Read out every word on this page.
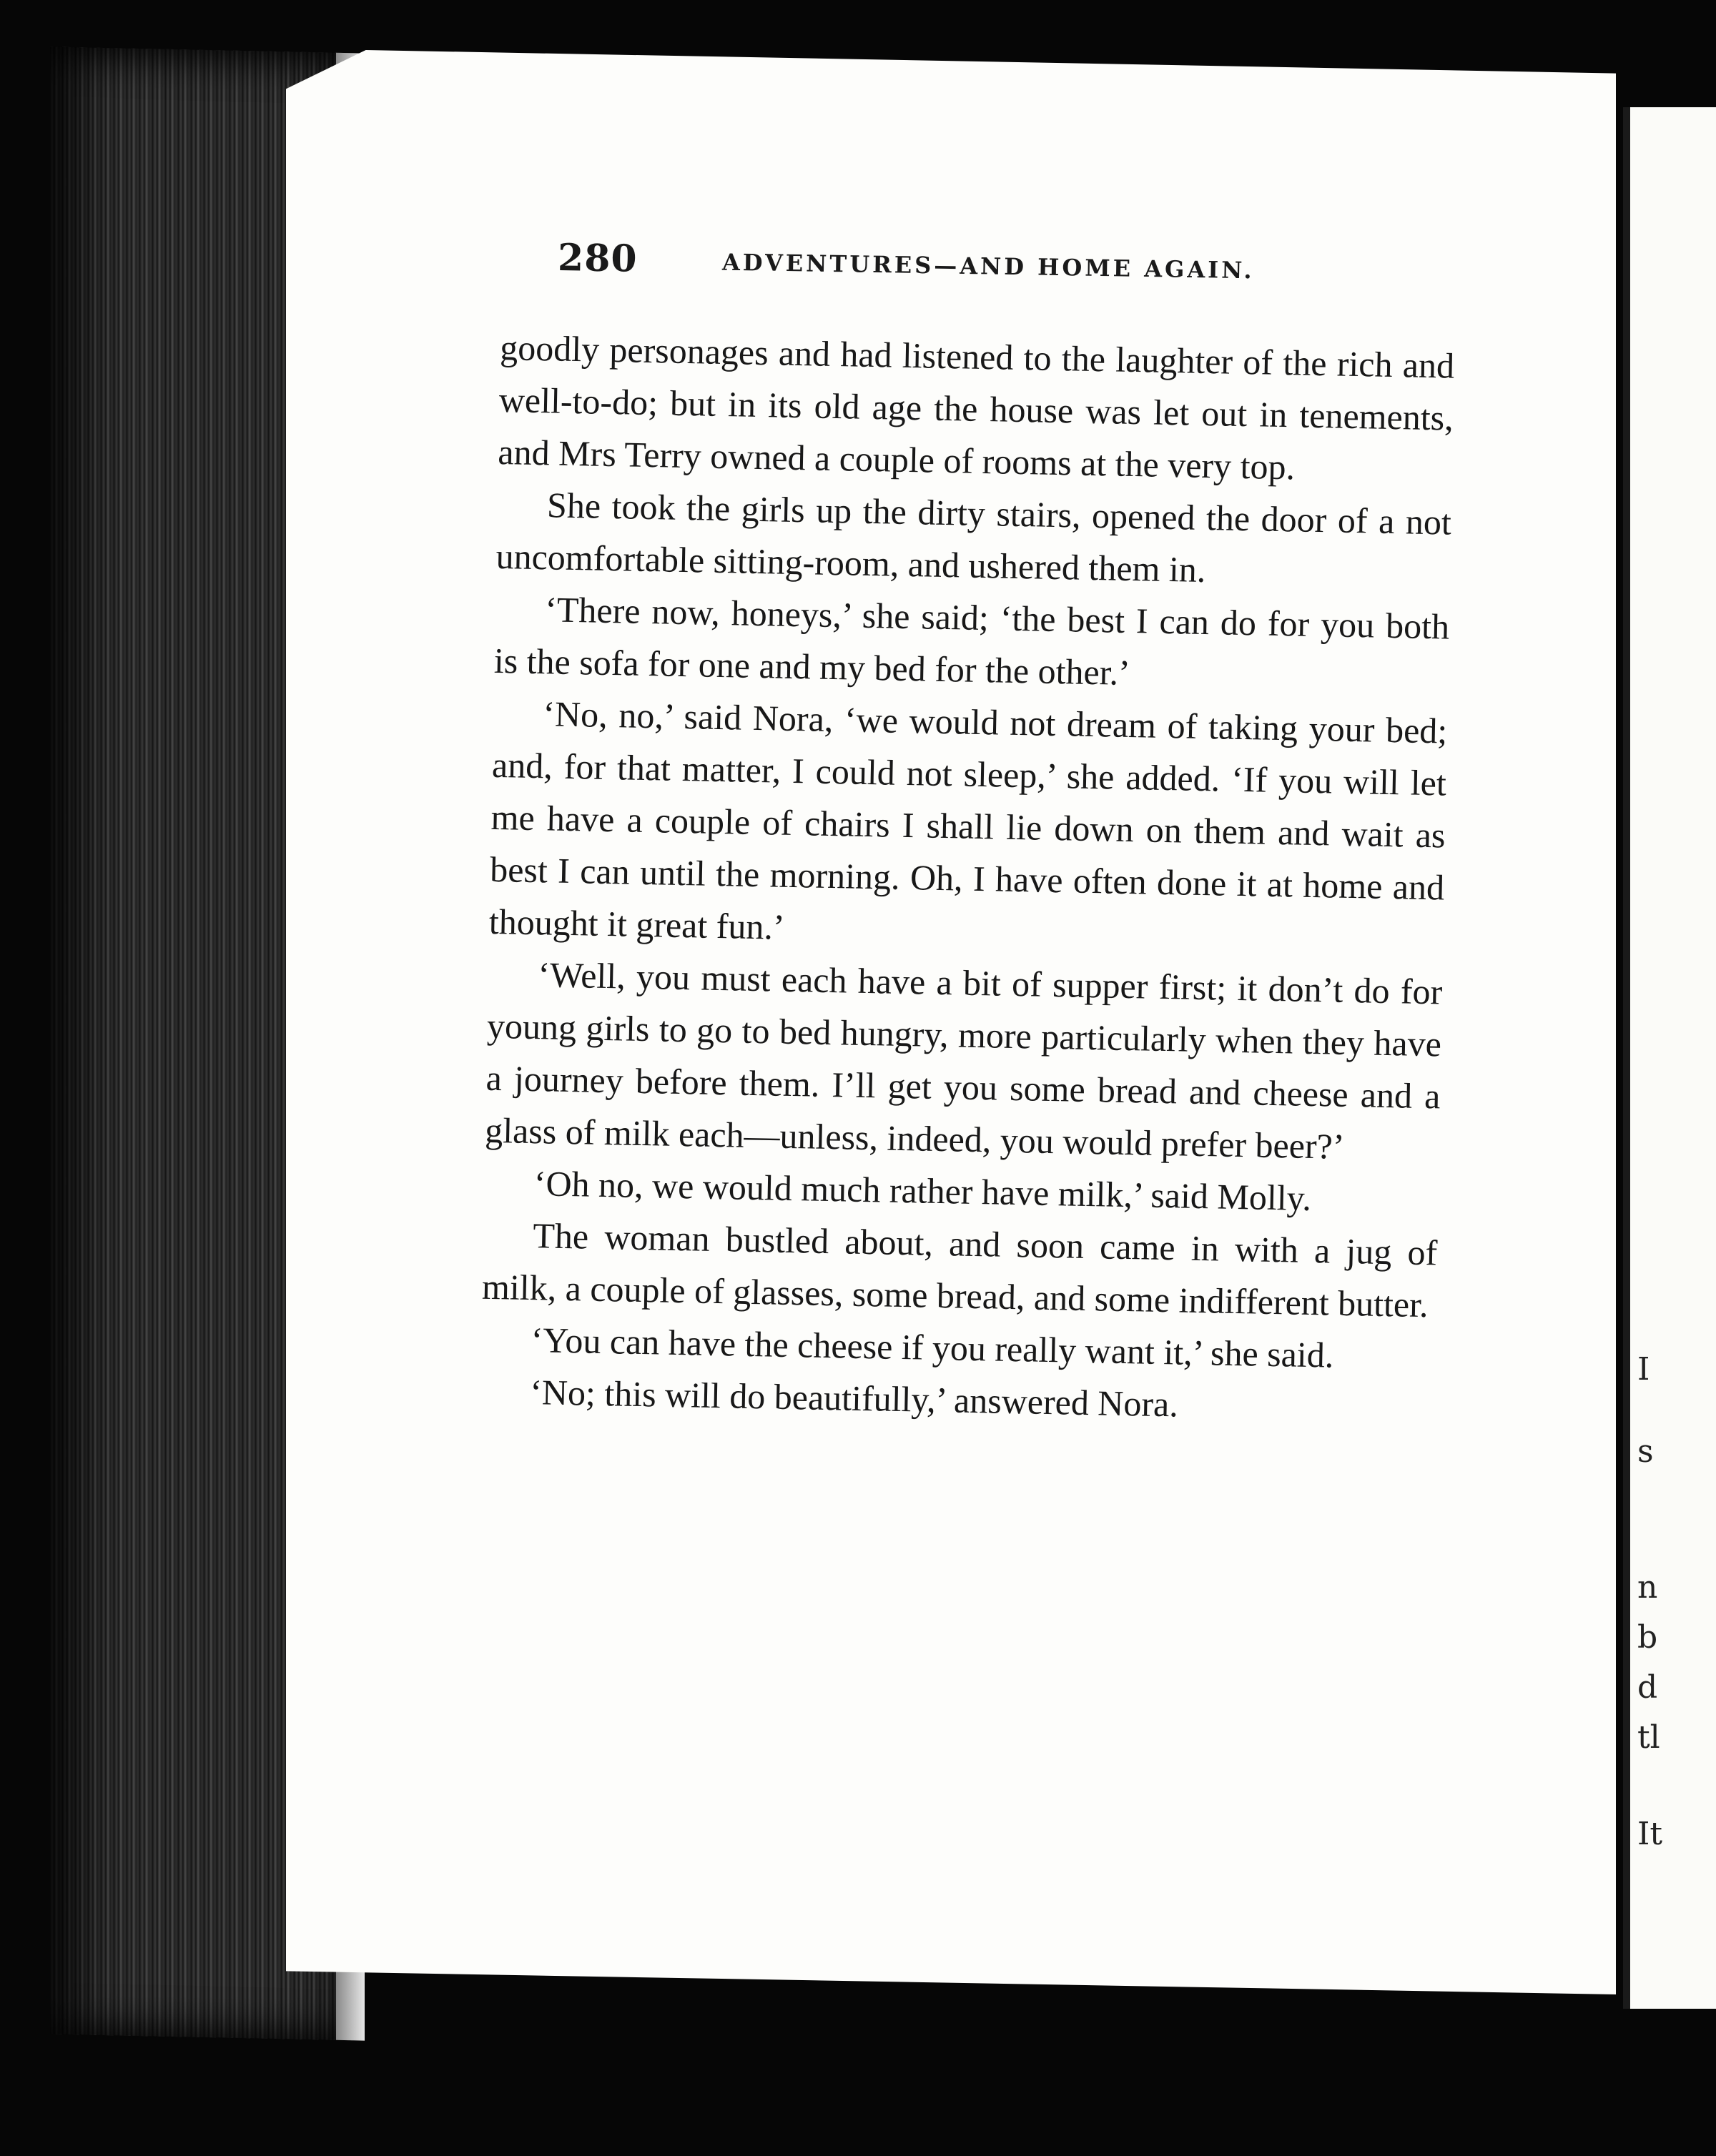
I
s
n
b
d
tl
It
280	ADVENTURES—AND HOME AGAIN.

goodly personages and had listened to the laughter of the rich and well-to-do; but in its old age the house was let out in tenements, and Mrs Terry owned a couple of rooms at the very top.

She took the girls up the dirty stairs, opened the door of a not uncomfortable sitting-room, and ushered them in.

‘There now, honeys,’ she said; ‘the best I can do for you both is the sofa for one and my bed for the other.’

‘No, no,’ said Nora, ‘we would not dream of taking your bed; and, for that matter, I could not sleep,’ she added. ‘If you will let me have a couple of chairs I shall lie down on them and wait as best I can until the morning. Oh, I have often done it at home and thought it great fun.’

‘Well, you must each have a bit of supper first; it don’t do for young girls to go to bed hungry, more particularly when they have a journey before them. I’ll get you some bread and cheese and a glass of milk each—unless, indeed, you would prefer beer?’

‘Oh no, we would much rather have milk,’ said Molly.

The woman bustled about, and soon came in with a jug of milk, a couple of glasses, some bread, and some indifferent butter.

‘You can have the cheese if you really want it,’ she said.

‘No; this will do beautifully,’ answered Nora.
